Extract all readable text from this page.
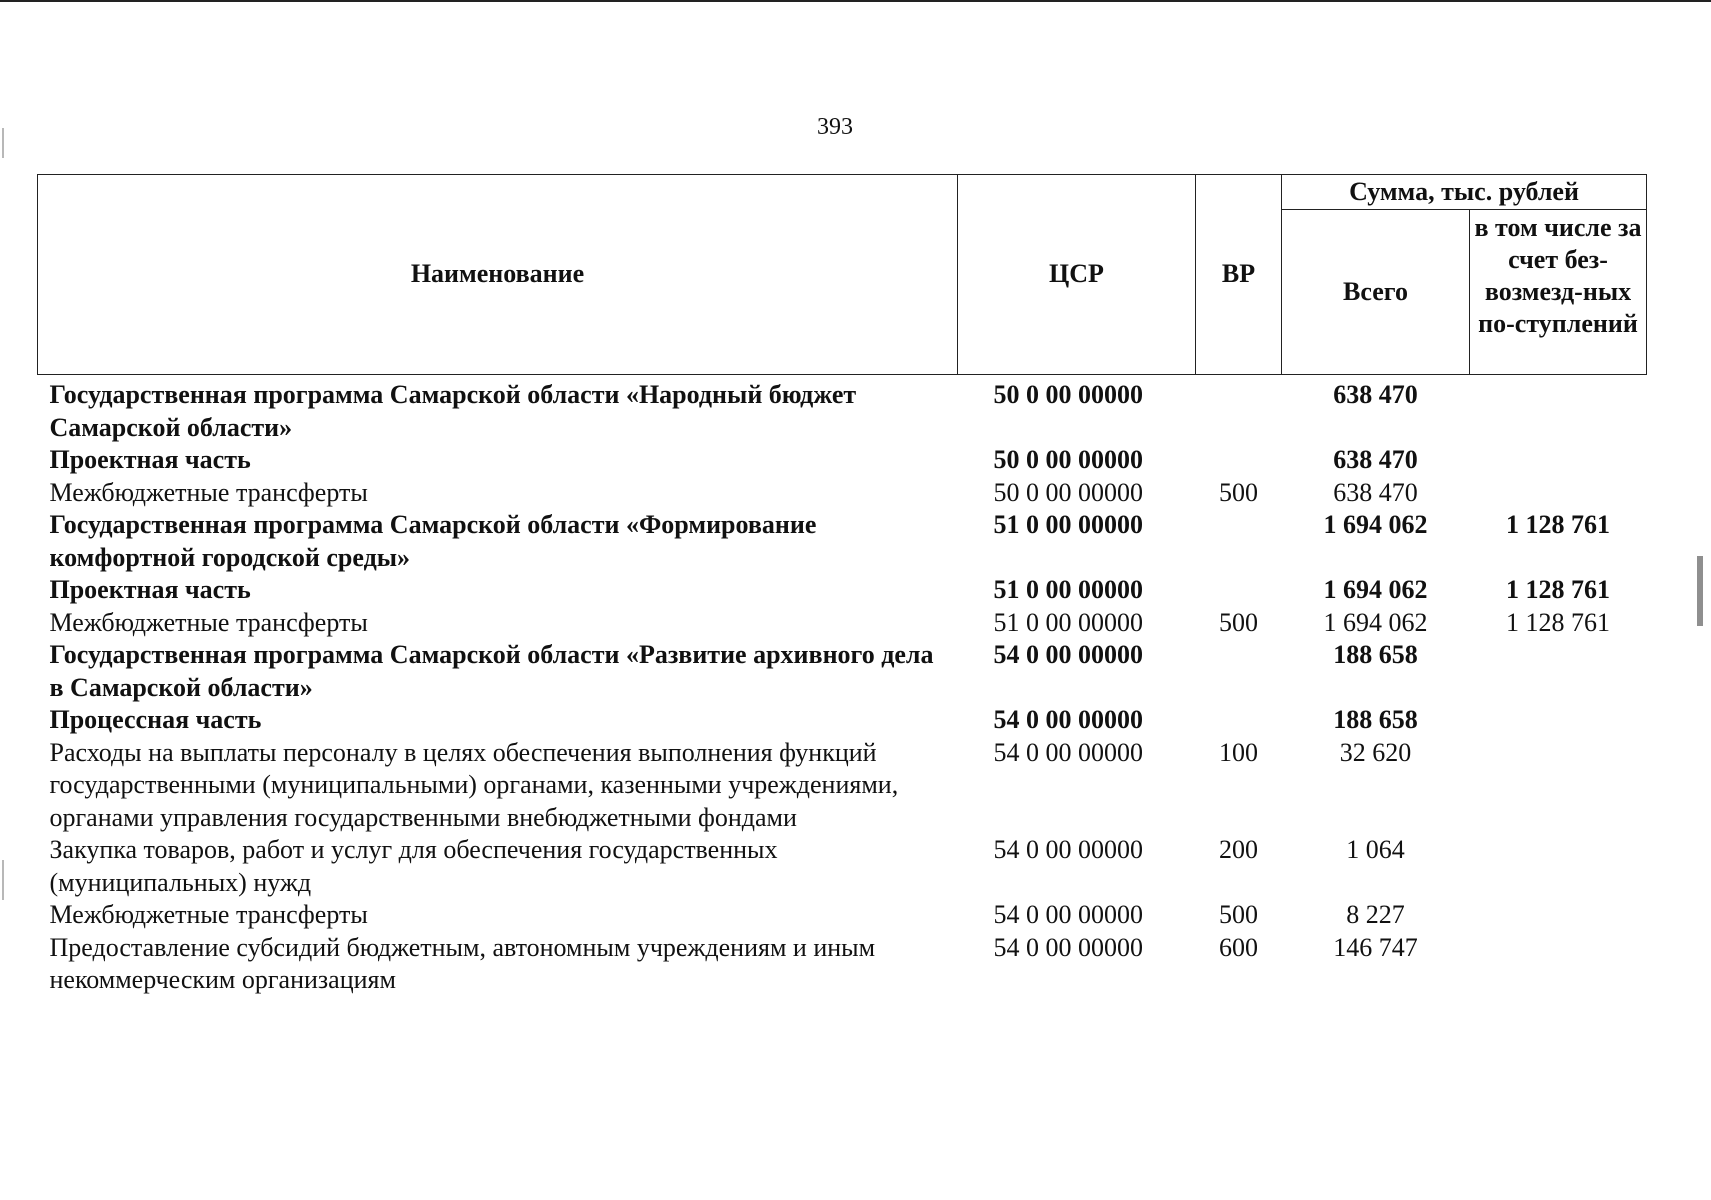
393
Наименование	ЦСР	ВР	Сумма, тыс. рублей	
			Всего	в том числе за счет без-возмезд-ных по-ступлений
Государственная программа Самарской области «Народный бюджет Самарской области»	50 0 00 00000		638 470	
Проектная часть	50 0 00 00000		638 470	
Межбюджетные трансферты	50 0 00 00000	500	638 470	
Государственная программа Самарской области «Формирование комфортной городской среды»	51 0 00 00000		1 694 062	1 128 761
Проектная часть	51 0 00 00000		1 694 062	1 128 761
Межбюджетные трансферты	51 0 00 00000	500	1 694 062	1 128 761
Государственная программа Самарской области «Развитие архивного дела в Самарской области»	54 0 00 00000		188 658	
Процессная часть	54 0 00 00000		188 658	
Расходы на выплаты персоналу в целях обеспечения выполнения функций государственными (муниципальными) органами, казенными учреждениями, органами управления государственными внебюджетными фондами	54 0 00 00000	100	32 620	
Закупка товаров, работ и услуг для обеспечения государственных (муниципальных) нужд	54 0 00 00000	200	1 064	
Межбюджетные трансферты	54 0 00 00000	500	8 227	
Предоставление субсидий бюджетным, автономным учреждениям и иным некоммерческим организациям	54 0 00 00000	600	146 747	
